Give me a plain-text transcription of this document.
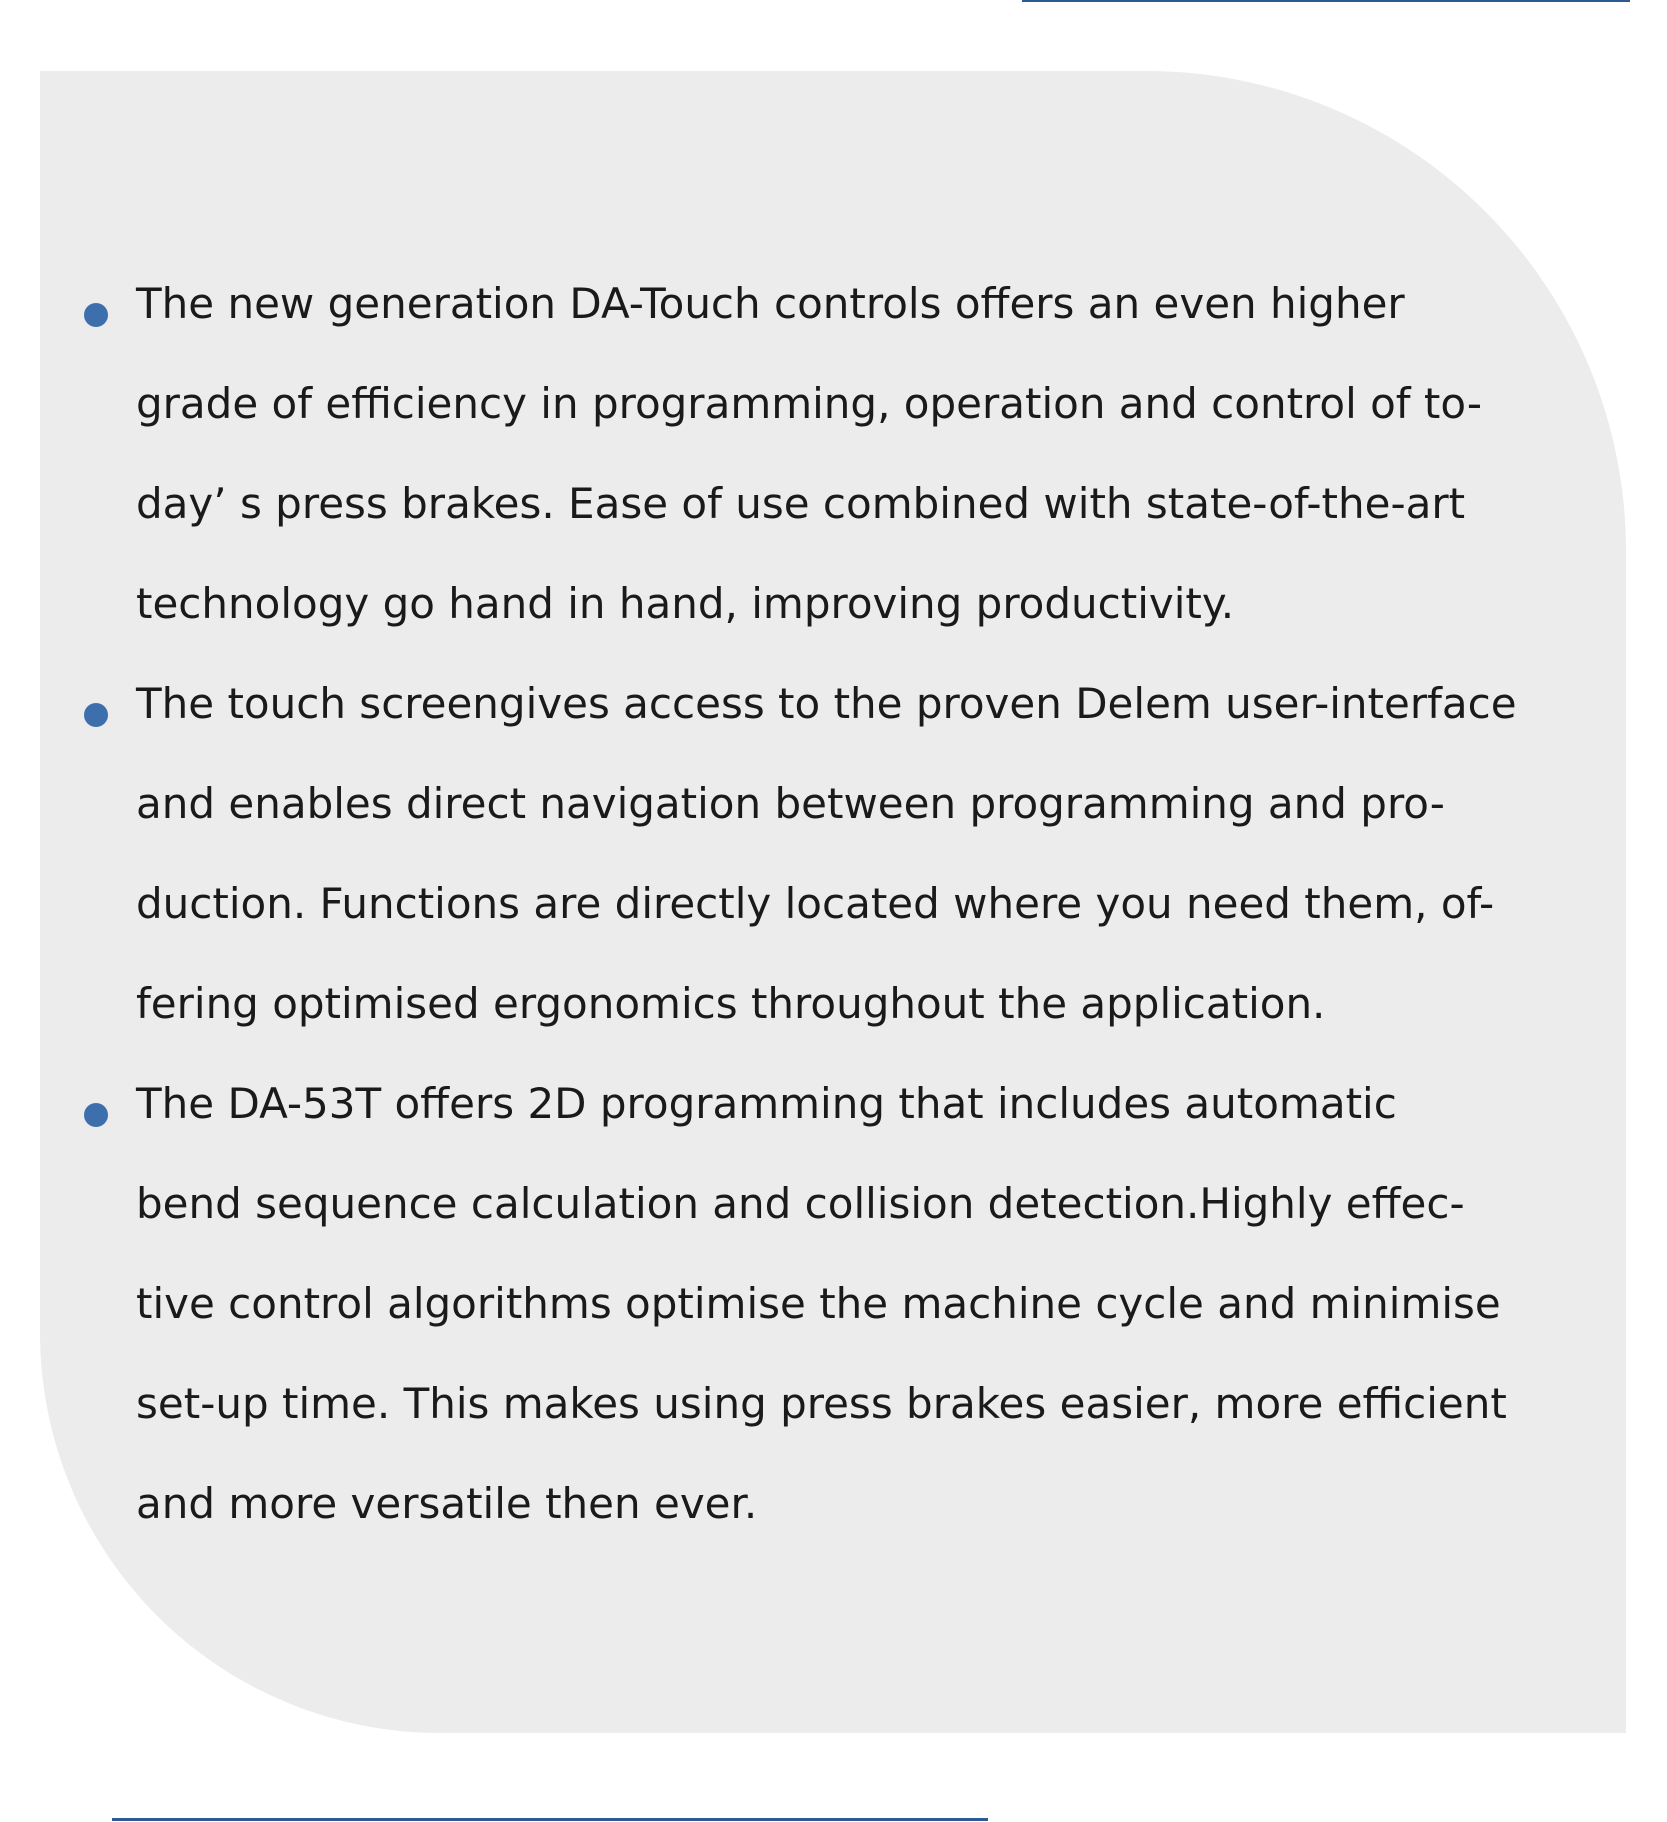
The new generation DA-Touch controls offers an even higher
grade of efficiency in programming, operation and control of to-
day’ s press brakes. Ease of use combined with state-of-the-art
technology go hand in hand, improving productivity.

The touch screengives access to the proven Delem user-interface
and enables direct navigation between programming and pro-
duction. Functions are directly located where you need them, of-
fering optimised ergonomics throughout the application.

The DA-53T offers 2D programming that includes automatic
bend sequence calculation and collision detection.Highly effec-
tive control algorithms optimise the machine cycle and minimise
set-up time. This makes using press brakes easier, more efficient
and more versatile then ever.
